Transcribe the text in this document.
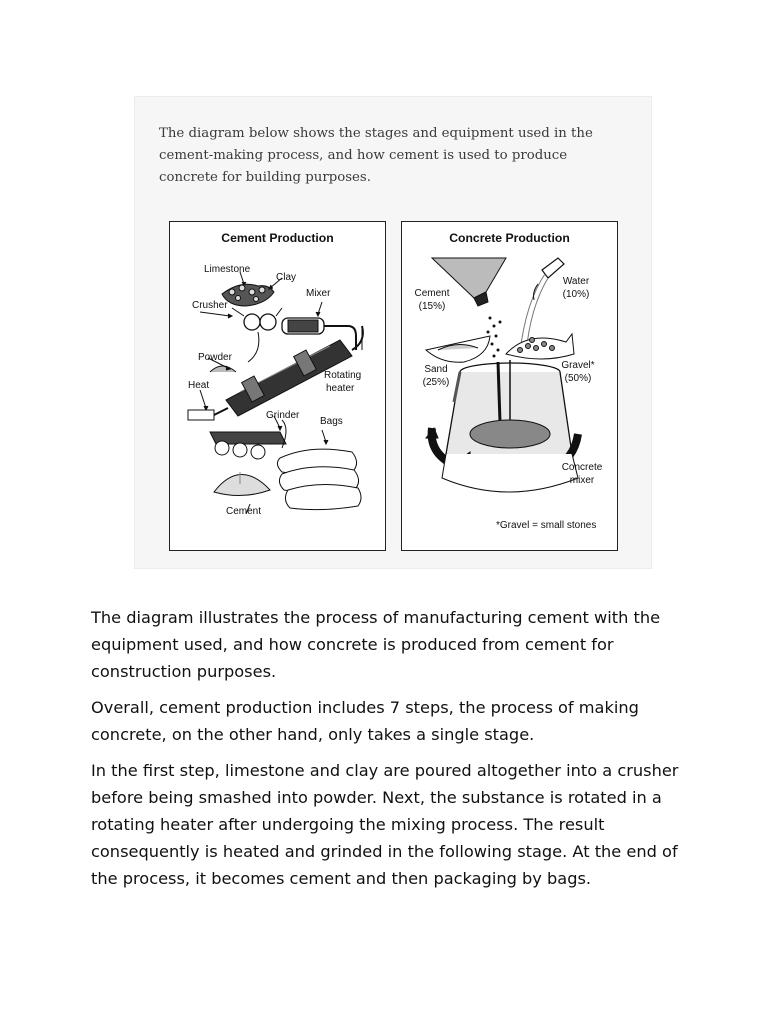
The diagram below shows the stages and equipment used in the cement-making process, and how cement is used to produce concrete for building purposes.

Cement Production
Limestone
Clay
Mixer
Crusher
Powder
Rotating
heater
Heat
Grinder
Bags
Cement
Concrete Production
Cement
(15%)
Water
(10%)
Sand
(25%)
Gravel*
(50%)
Concrete
mixer
*Gravel = small stones

The diagram illustrates the process of manufacturing cement with the equipment used, and how concrete is produced from cement for construction purposes.

Overall, cement production includes 7 steps, the process of making concrete, on the other hand, only takes a single stage.

In the first step, limestone and clay are poured altogether into a crusher before being smashed into powder. Next, the substance is rotated in a rotating heater after undergoing the mixing process. The result consequently is heated and grinded in the following stage. At the end of the process, it becomes cement and then packaging by bags.
